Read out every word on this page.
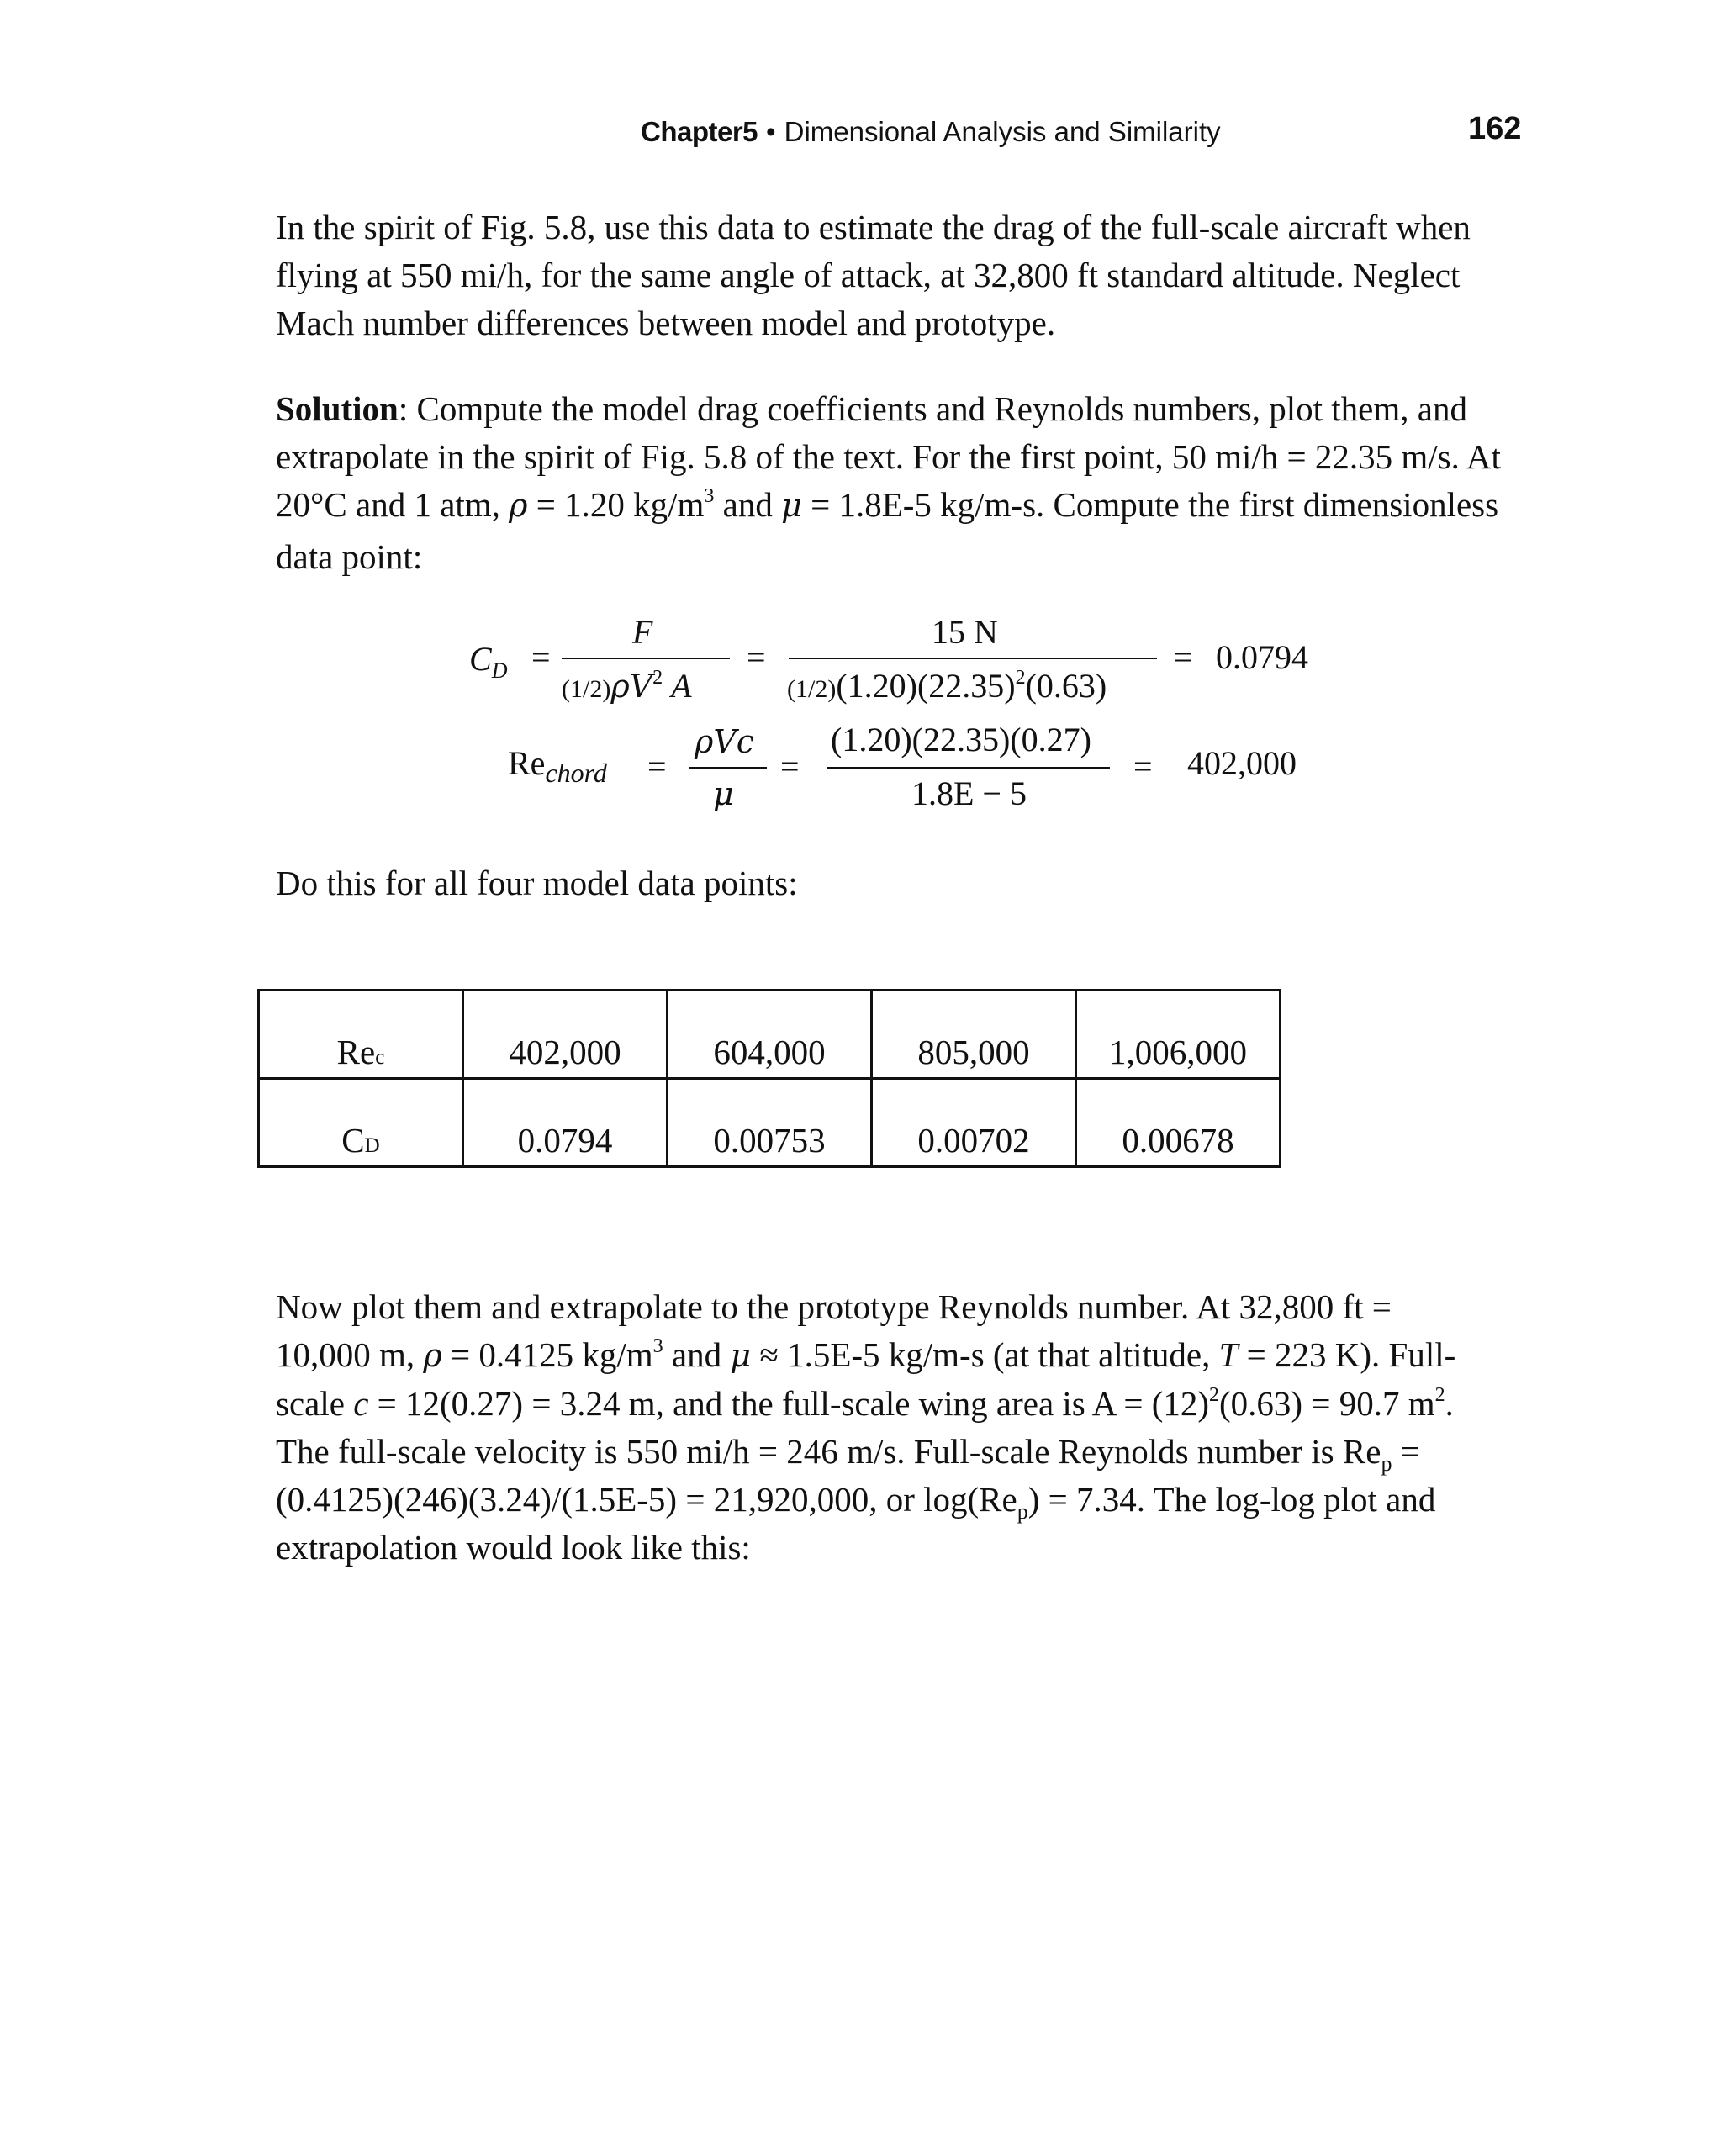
Chapter5 • Dimensional Analysis and Similarity	162
In the spirit of Fig. 5.8, use this data to estimate the drag of the full-scale aircraft when
flying at 550 mi/h, for the same angle of attack, at 32,800 ft standard altitude. Neglect
Mach number differences between model and prototype.
Solution: Compute the model drag coefficients and Reynolds numbers, plot them, and
extrapolate in the spirit of Fig. 5.8 of the text. For the first point, 50 mi/h = 22.35 m/s. At
20°C and 1 atm, ρ = 1.20 $kg/m^3$ and μ = 1.8E-5 kg/m-s. Compute the first dimensionless
data point:
$C_D$ =
F
$(1/2)\rho V^2$ A
=
15 N
$(1/2)(1.20)(22.35)^2(0.63)$
= 0.0794
$Re_{chord}$ =
ρVc
μ
=
(1.20)(22.35)(0.27)
1.8E − 5
= 402,000
Do this for all four model data points:
Rec	402,000	604,000	805,000	1,006,000
CD	0.0794	0.00753	0.00702	0.00678
Now plot them and extrapolate to the prototype Reynolds number. At 32,800 ft =
10,000 m, ρ = 0.4125 $kg/m^3$ and μ ≈ 1.5E-5 kg/m-s (at that altitude, T = 223 K). Full-
scale c = 12(0.27) = 3.24 m, and the full-scale wing area is $A = (12)^2(0.63) = 90.7$ $m^2$.
The full-scale velocity is 550 mi/h = 246 m/s. Full-scale Reynolds number is $Re_p$ =
(0.4125)(246)(3.24)/(1.5E-5) = 21,920,000, or $\log(Re_p) = 7.34$. The log-log plot and
extrapolation would look like this:
